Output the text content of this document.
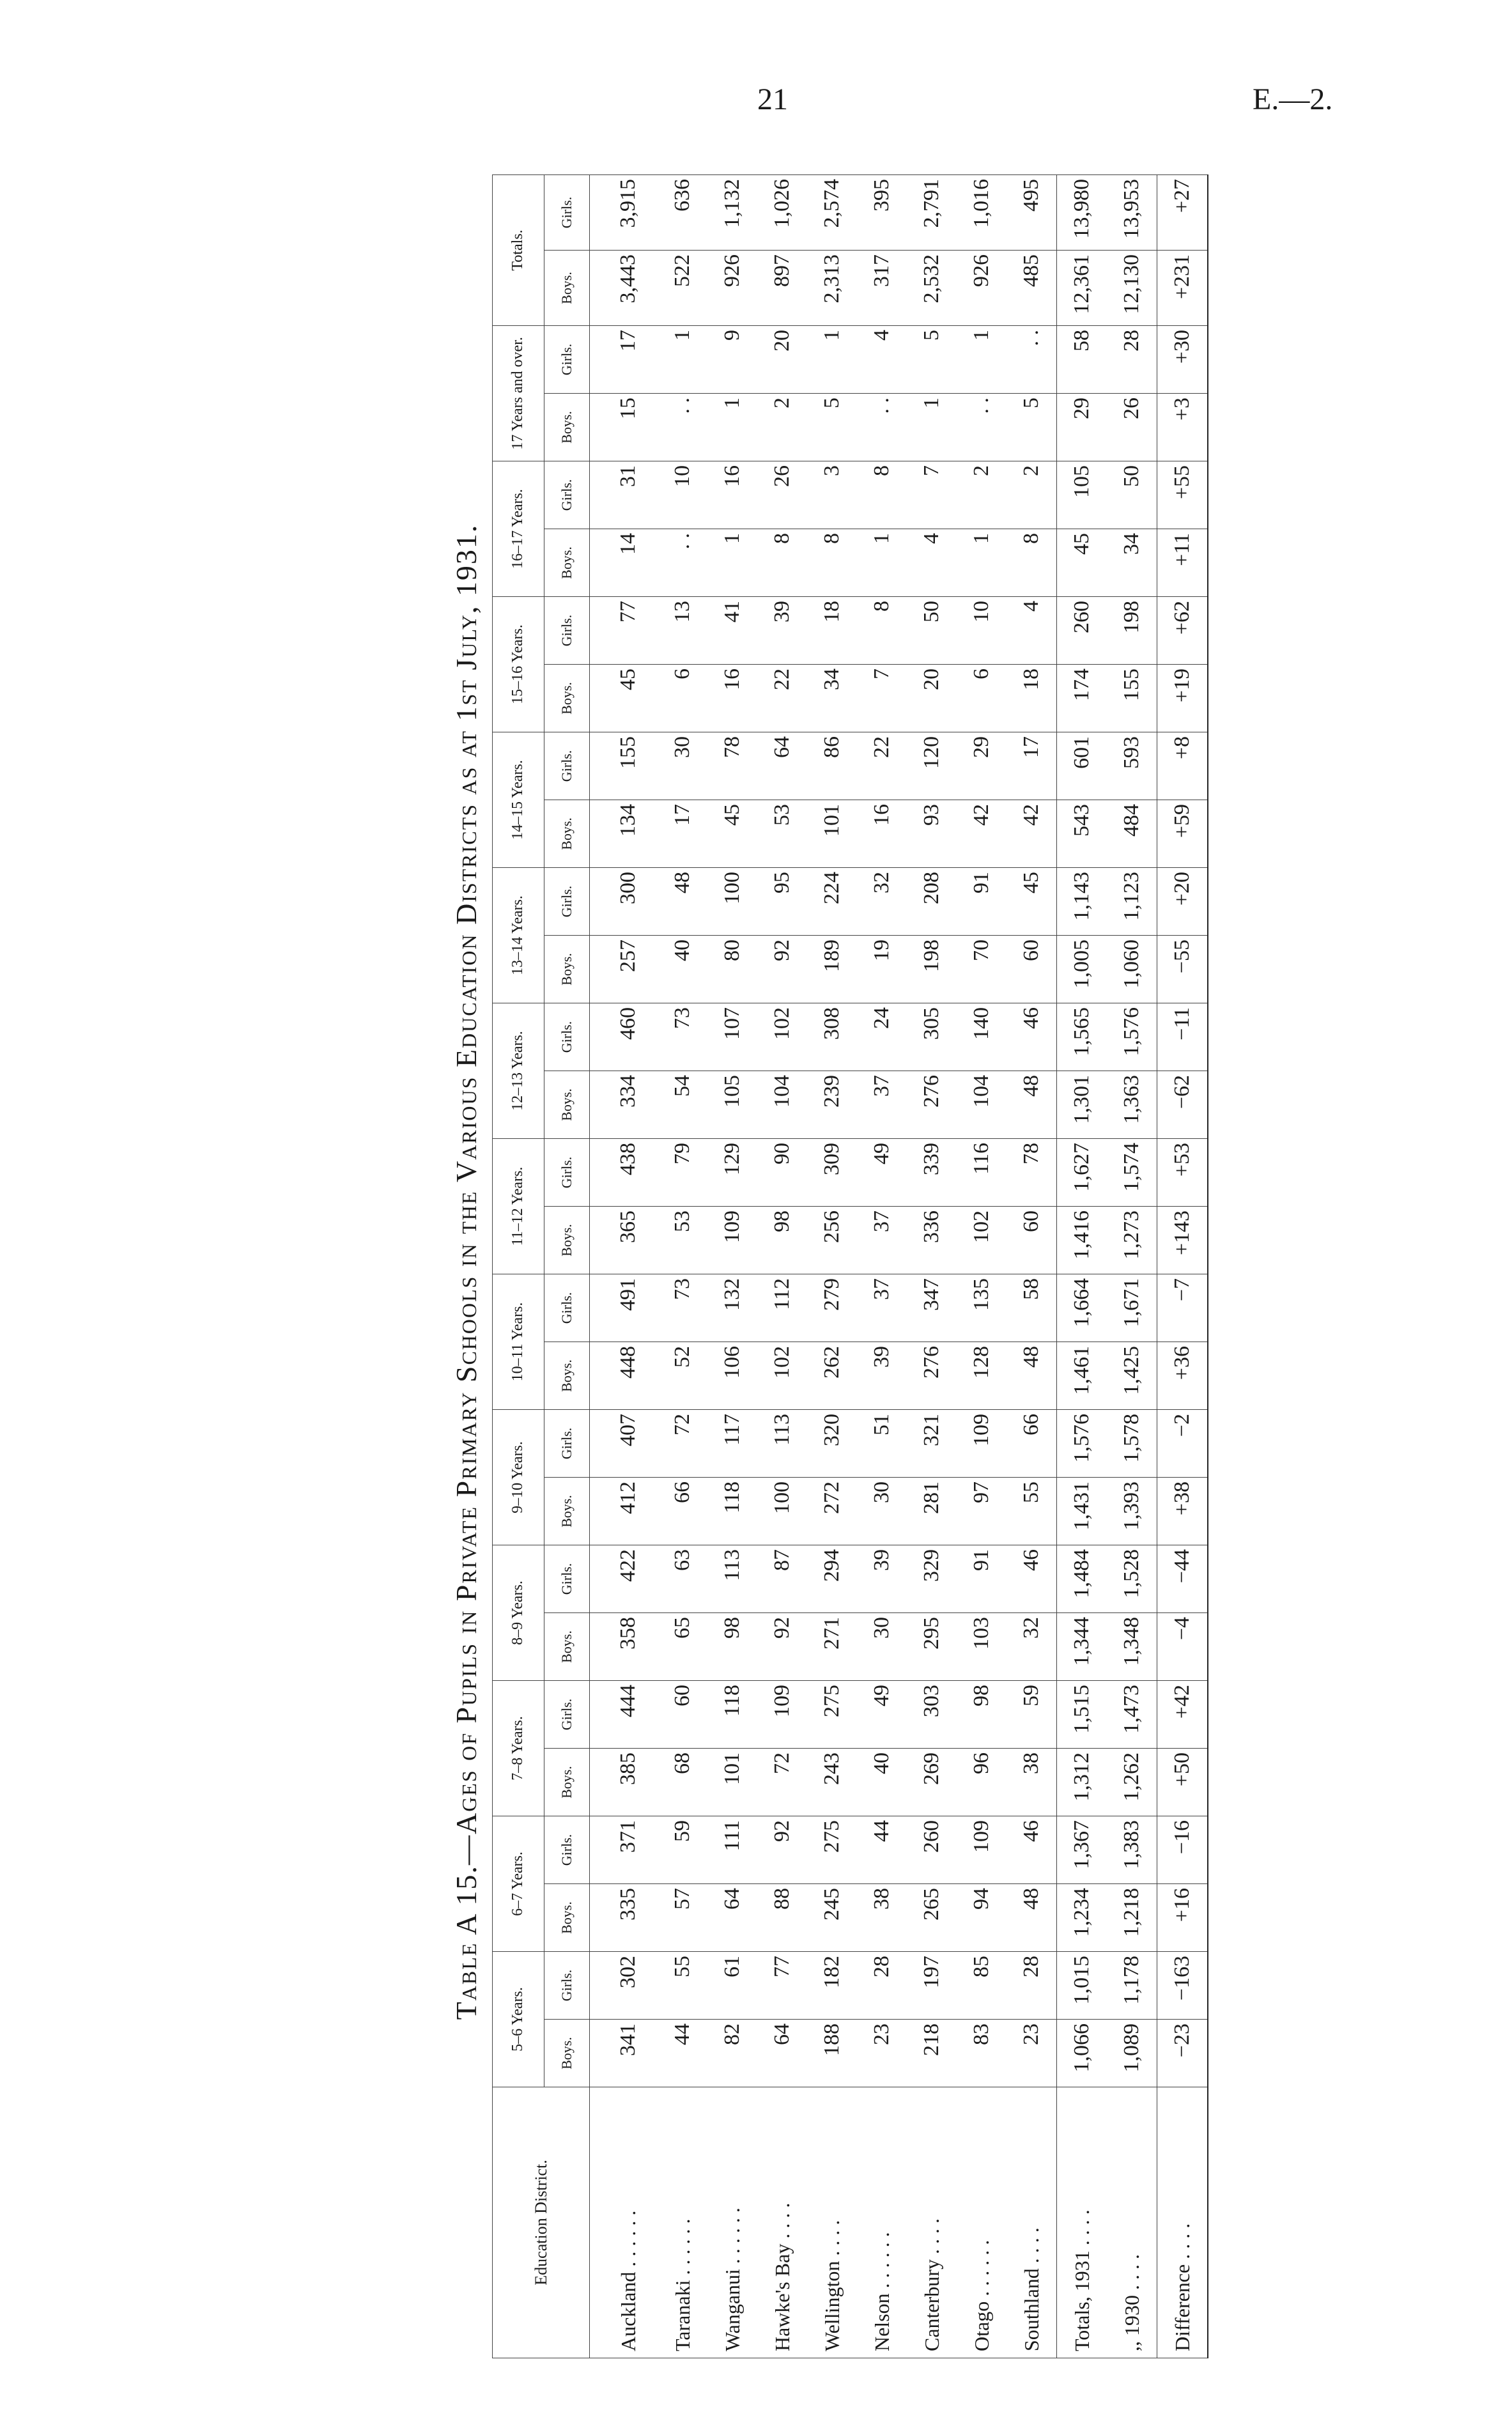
21	E.—2.
Table A 15.—Ages of Pupils in Private Primary Schools in the Various Education Districts as at 1st July, 1931.
Education District.	5–6 Years.		6–7 Years.		7–8 Years.		8–9 Years.		9–10 Years.		10–11 Years.		11–12 Years.		12–13 Years.		13–14 Years.		14–15 Years.		15–16 Years.		16–17 Years.		17 Years and over.		Totals.	
	Boys.	Girls.	Boys.	Girls.	Boys.	Girls.	Boys.	Girls.	Boys.	Girls.	Boys.	Girls.	Boys.	Girls.	Boys.	Girls.	Boys.	Girls.	Boys.	Girls.	Boys.	Girls.	Boys.	Girls.	Boys.	Girls.	Boys.	Girls.
Auckland . . . . . .	341	302	335	371	385	444	358	422	412	407	448	491	365	438	334	460	257	300	134	155	45	77	14	31	15	17	3,443	3,915
Taranaki . . . . . .	44	55	57	59	68	60	65	63	66	72	52	73	53	79	54	73	40	48	17	30	6	13	. .	10	. .	1	522	636
Wanganui . . . . . .	82	61	64	111	101	118	98	113	118	117	106	132	109	129	105	107	80	100	45	78	16	41	1	16	1	9	926	1,132
Hawke's Bay . . . .	64	77	88	92	72	109	92	87	100	113	102	112	98	90	104	102	92	95	53	64	22	39	8	26	2	20	897	1,026
Wellington . . . .	188	182	245	275	243	275	271	294	272	320	262	279	256	309	239	308	189	224	101	86	34	18	8	3	5	1	2,313	2,574
Nelson . . . . . .	23	28	38	44	40	49	30	39	30	51	39	37	37	49	37	24	19	32	16	22	7	8	1	8	. .	4	317	395
Canterbury . . . .	218	197	265	260	269	303	295	329	281	321	276	347	336	339	276	305	198	208	93	120	20	50	4	7	1	5	2,532	2,791
Otago . . . . . .	83	85	94	109	96	98	103	91	97	109	128	135	102	116	104	140	70	91	42	29	6	10	1	2	. .	1	926	1,016
Southland . . . .	23	28	48	46	38	59	32	46	55	66	48	58	60	78	48	46	60	45	42	17	18	4	8	2	5	. .	485	495
Totals, 1931 . . . .	1,066	1,015	1,234	1,367	1,312	1,515	1,344	1,484	1,431	1,576	1,461	1,664	1,416	1,627	1,301	1,565	1,005	1,143	543	601	174	260	45	105	29	58	12,361	13,980
,, 1930 . . . .	1,089	1,178	1,218	1,383	1,262	1,473	1,348	1,528	1,393	1,578	1,425	1,671	1,273	1,574	1,363	1,576	1,060	1,123	484	593	155	198	34	50	26	28	12,130	13,953
Difference . . . .	−23	−163	+16	−16	+50	+42	−4	−44	+38	−2	+36	−7	+143	+53	−62	−11	−55	+20	+59	+8	+19	+62	+11	+55	+3	+30	+231	+27
